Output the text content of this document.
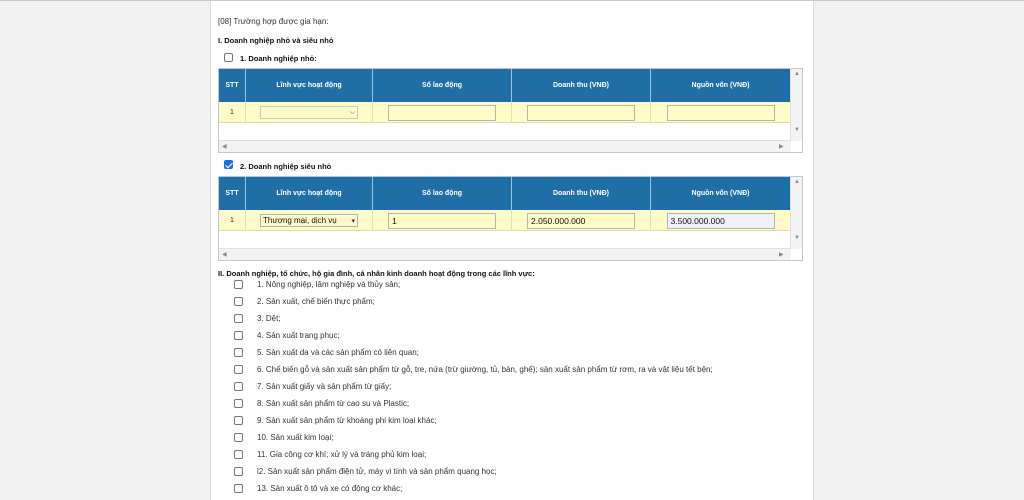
[08] Trường hợp được gia hạn:
I. Doanh nghiệp nhỏ và siêu nhỏ
1. Doanh nghiệp nhỏ:
STT	Lĩnh vực hoạt động	Số lao động	Doanh thu (VNĐ)	Nguồn vốn (VNĐ)
1	⌵
▲
▼
◀	▶
2. Doanh nghiệp siêu nhỏ
STT	Lĩnh vực hoạt động	Số lao động	Doanh thu (VNĐ)	Nguồn vốn (VNĐ)
1	Thương mại, dịch vụ ▾	1	2.050.000.000	3.500.000.000
▲
▼
◀	▶
II. Doanh nghiệp, tổ chức, hộ gia đình, cá nhân kinh doanh hoạt động trong các lĩnh vực:
1. Nông nghiệp, lâm nghiệp và thủy sản;
2. Sản xuất, chế biến thực phẩm;
3. Dệt;
4. Sản xuất trang phục;
5. Sản xuất da và các sản phẩm có liên quan;
6. Chế biến gỗ và sản xuất sản phẩm từ gỗ, tre, nứa (trừ giường, tủ, bàn, ghế); sản xuất sản phẩm từ rơm, ra và vật liệu tết bện;
7. Sản xuất giấy và sản phẩm từ giấy;
8. Sản xuất sản phẩm từ cao su và Plastic;
9. Sản xuất sản phẩm từ khoáng phi kim loại khác;
10. Sản xuất kim loại;
11. Gia công cơ khí; xử lý và tráng phủ kim loại;
l2. Sản xuất sản phẩm điện tử, máy vi tính và sản phẩm quang học;
13. Sản xuất ô tô và xe có động cơ khác;
